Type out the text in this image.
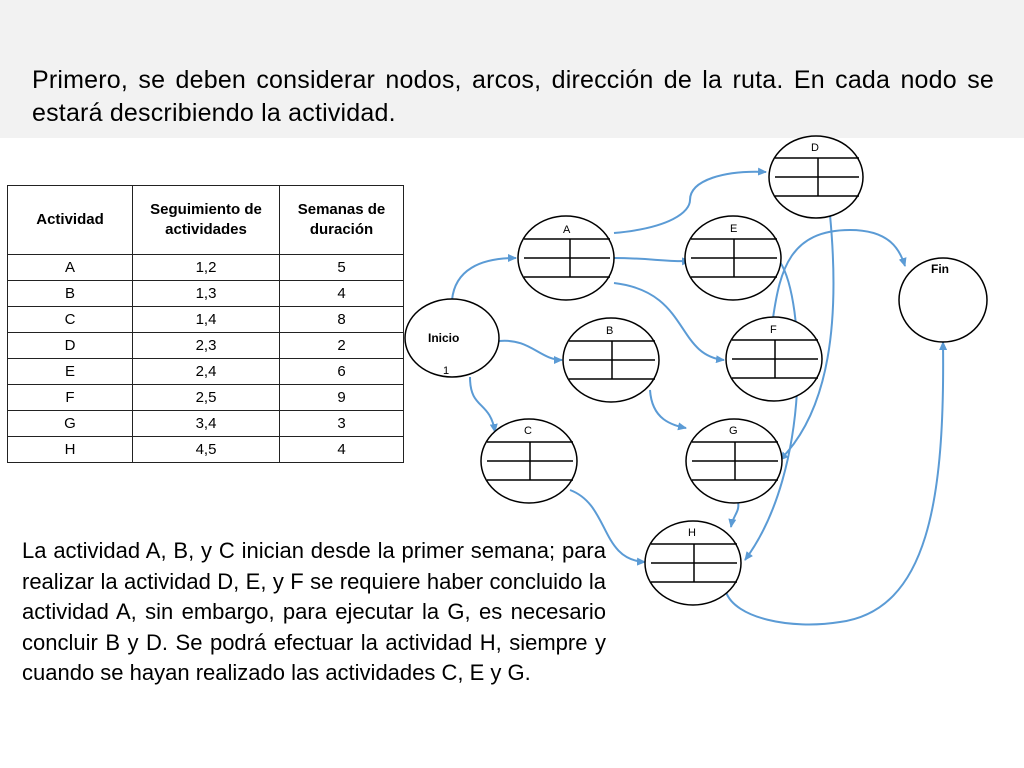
Primero, se deben considerar nodos, arcos, dirección de la ruta. En cada nodo se estará describiendo la actividad.
Actividad	Seguimiento de actividades	Semanas de duración
A	1,2	5
B	1,3	4
C	1,4	8
D	2,3	2
E	2,4	6
F	2,5	9
G	3,4	3
H	4,5	4
Inicio
1
Fin
A
B
C
D
E
F
G
H
La actividad A, B, y C inician desde la primer semana; para realizar la actividad D, E, y F se requiere haber concluido la actividad A, sin embargo, para ejecutar la G, es necesario concluir B y D. Se podrá efectuar la actividad H, siempre y cuando se hayan realizado las actividades C, E y G.
